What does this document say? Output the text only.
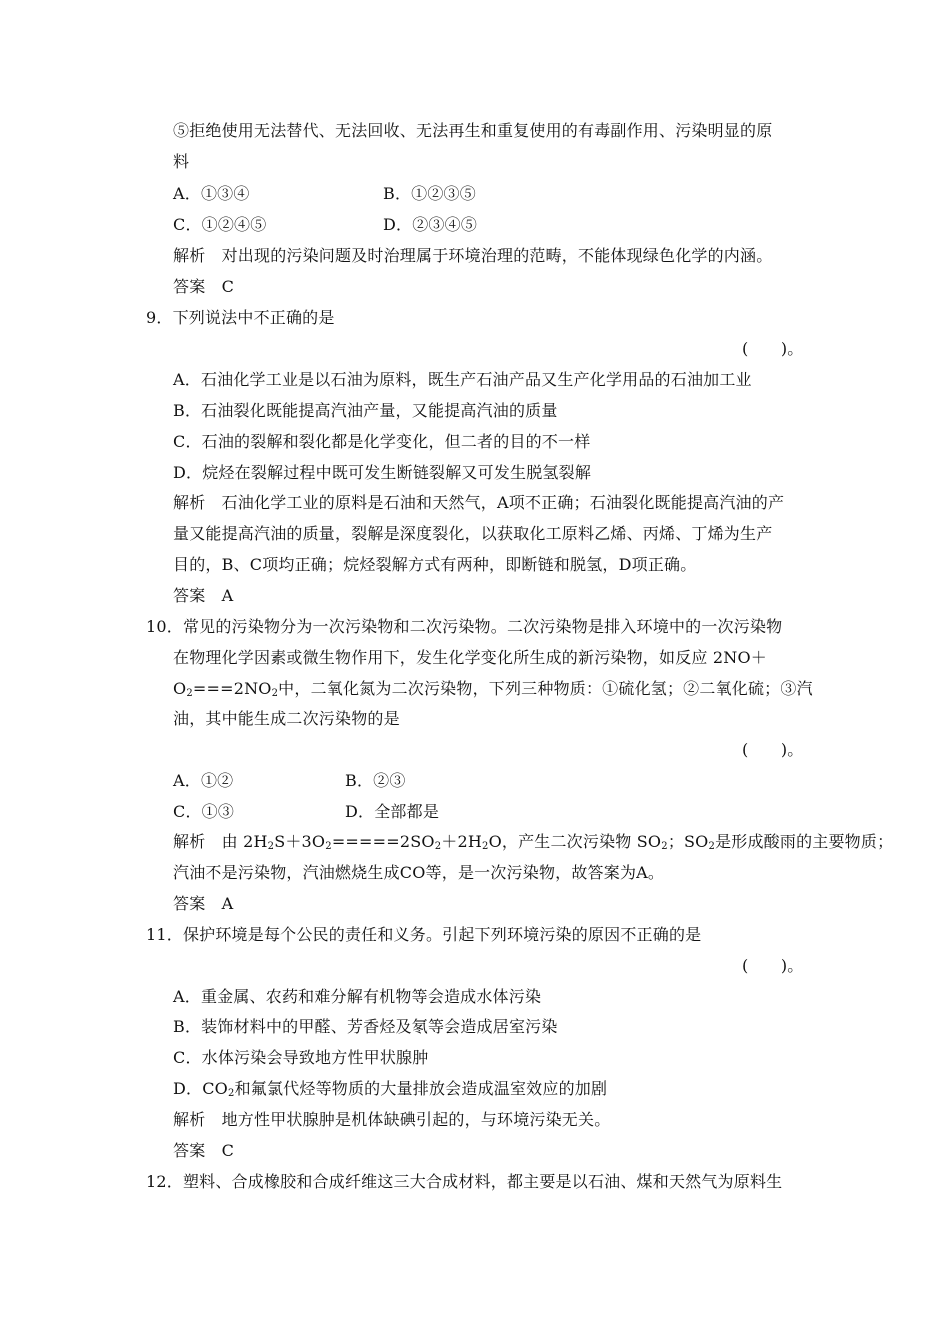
⑤拒绝使用无法替代、无法回收、无法再生和重复使用的有毒副作用、污染明显的原
料
A．①③④	B．①②③⑤
C．①②④⑤	D．②③④⑤
解析　对出现的污染问题及时治理属于环境治理的范畴，不能体现绿色化学的内涵。
答案　C
9．下列说法中不正确的是
(　　)。
A．石油化学工业是以石油为原料，既生产石油产品又生产化学用品的石油加工业
B．石油裂化既能提高汽油产量，又能提高汽油的质量
C．石油的裂解和裂化都是化学变化，但二者的目的不一样
D．烷烃在裂解过程中既可发生断链裂解又可发生脱氢裂解
解析　石油化学工业的原料是石油和天然气，A项不正确；石油裂化既能提高汽油的产
量又能提高汽油的质量，裂解是深度裂化，以获取化工原料乙烯、丙烯、丁烯为生产
目的，B、C项均正确；烷烃裂解方式有两种，即断链和脱氢，D项正确。
答案　A
10．常见的污染物分为一次污染物和二次污染物。二次污染物是排入环境中的一次污染物
在物理化学因素或微生物作用下，发生化学变化所生成的新污染物，如反应 2NO＋
$O_2===2NO_2$中，二氧化氮为二次污染物，下列三种物质：①硫化氢；②二氧化硫；③汽
油，其中能生成二次污染物的是
(　　)。
A．①②	B．②③
C．①③	D．全部都是
解析　由 $2H_2S+3O_2=====2SO_2+2H_2O$，产生二次污染物 $SO_2$；$SO_2$是形成酸雨的主要物质；
汽油不是污染物，汽油燃烧生成CO等，是一次污染物，故答案为A。
答案　A
11．保护环境是每个公民的责任和义务。引起下列环境污染的原因不正确的是
(　　)。
A．重金属、农药和难分解有机物等会造成水体污染
B．装饰材料中的甲醛、芳香烃及氡等会造成居室污染
C．水体污染会导致地方性甲状腺肿
D．$CO_2$和氟氯代烃等物质的大量排放会造成温室效应的加剧
解析　地方性甲状腺肿是机体缺碘引起的，与环境污染无关。
答案　C
12．塑料、合成橡胶和合成纤维这三大合成材料，都主要是以石油、煤和天然气为原料生
